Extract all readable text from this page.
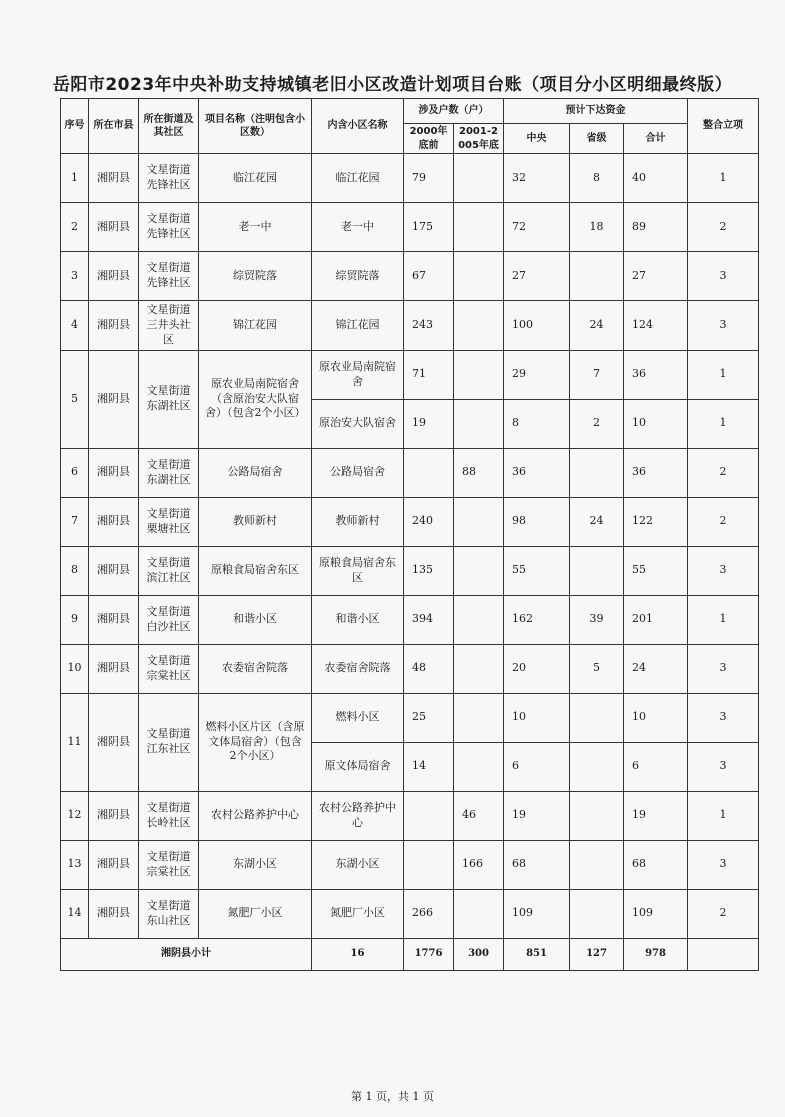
岳阳市2023年中央补助支持城镇老旧小区改造计划项目台账（项目分小区明细最终版）
序号	所在市县	所在街道及其社区	项目名称（注明包含小区数）	内含小区名称	涉及户数（户）		预计下达资金			整合立项
					2000年底前	2001-2005年底	中央	省级	合计	
1	湘阴县	文星街道先锋社区	临江花园	临江花园	79		32	8	40	1
2	湘阴县	文星街道先锋社区	老一中	老一中	175		72	18	89	2
3	湘阴县	文星街道先锋社区	综贸院落	综贸院落	67		27		27	3
4	湘阴县	文星街道三井头社区	锦江花园	锦江花园	243		100	24	124	3
5	湘阴县	文星街道东湖社区	原农业局南院宿舍（含原治安大队宿舍）（包含2个小区）	原农业局南院宿舍	71		29	7	36	1
				原治安大队宿舍	19		8	2	10	1
6	湘阴县	文星街道东湖社区	公路局宿舍	公路局宿舍		88	36		36	2
7	湘阴县	文星街道栗塘社区	教师新村	教师新村	240		98	24	122	2
8	湘阴县	文星街道滨江社区	原粮食局宿舍东区	原粮食局宿舍东区	135		55		55	3
9	湘阴县	文星街道白沙社区	和谐小区	和谐小区	394		162	39	201	1
10	湘阴县	文星街道宗棠社区	农委宿舍院落	农委宿舍院落	48		20	5	24	3
11	湘阴县	文星街道江东社区	燃料小区片区（含原文体局宿舍）（包含2个小区）	燃料小区	25		10		10	3
				原文体局宿舍	14		6		6	3
12	湘阴县	文星街道长岭社区	农村公路养护中心	农村公路养护中心		46	19		19	1
13	湘阴县	文星街道宗棠社区	东湖小区	东湖小区		166	68		68	3
14	湘阴县	文星街道东山社区	氮肥厂小区	氮肥厂小区	266		109		109	2
湘阴县小计				16	1776	300	851	127	978	
第 1 页，共 1 页
